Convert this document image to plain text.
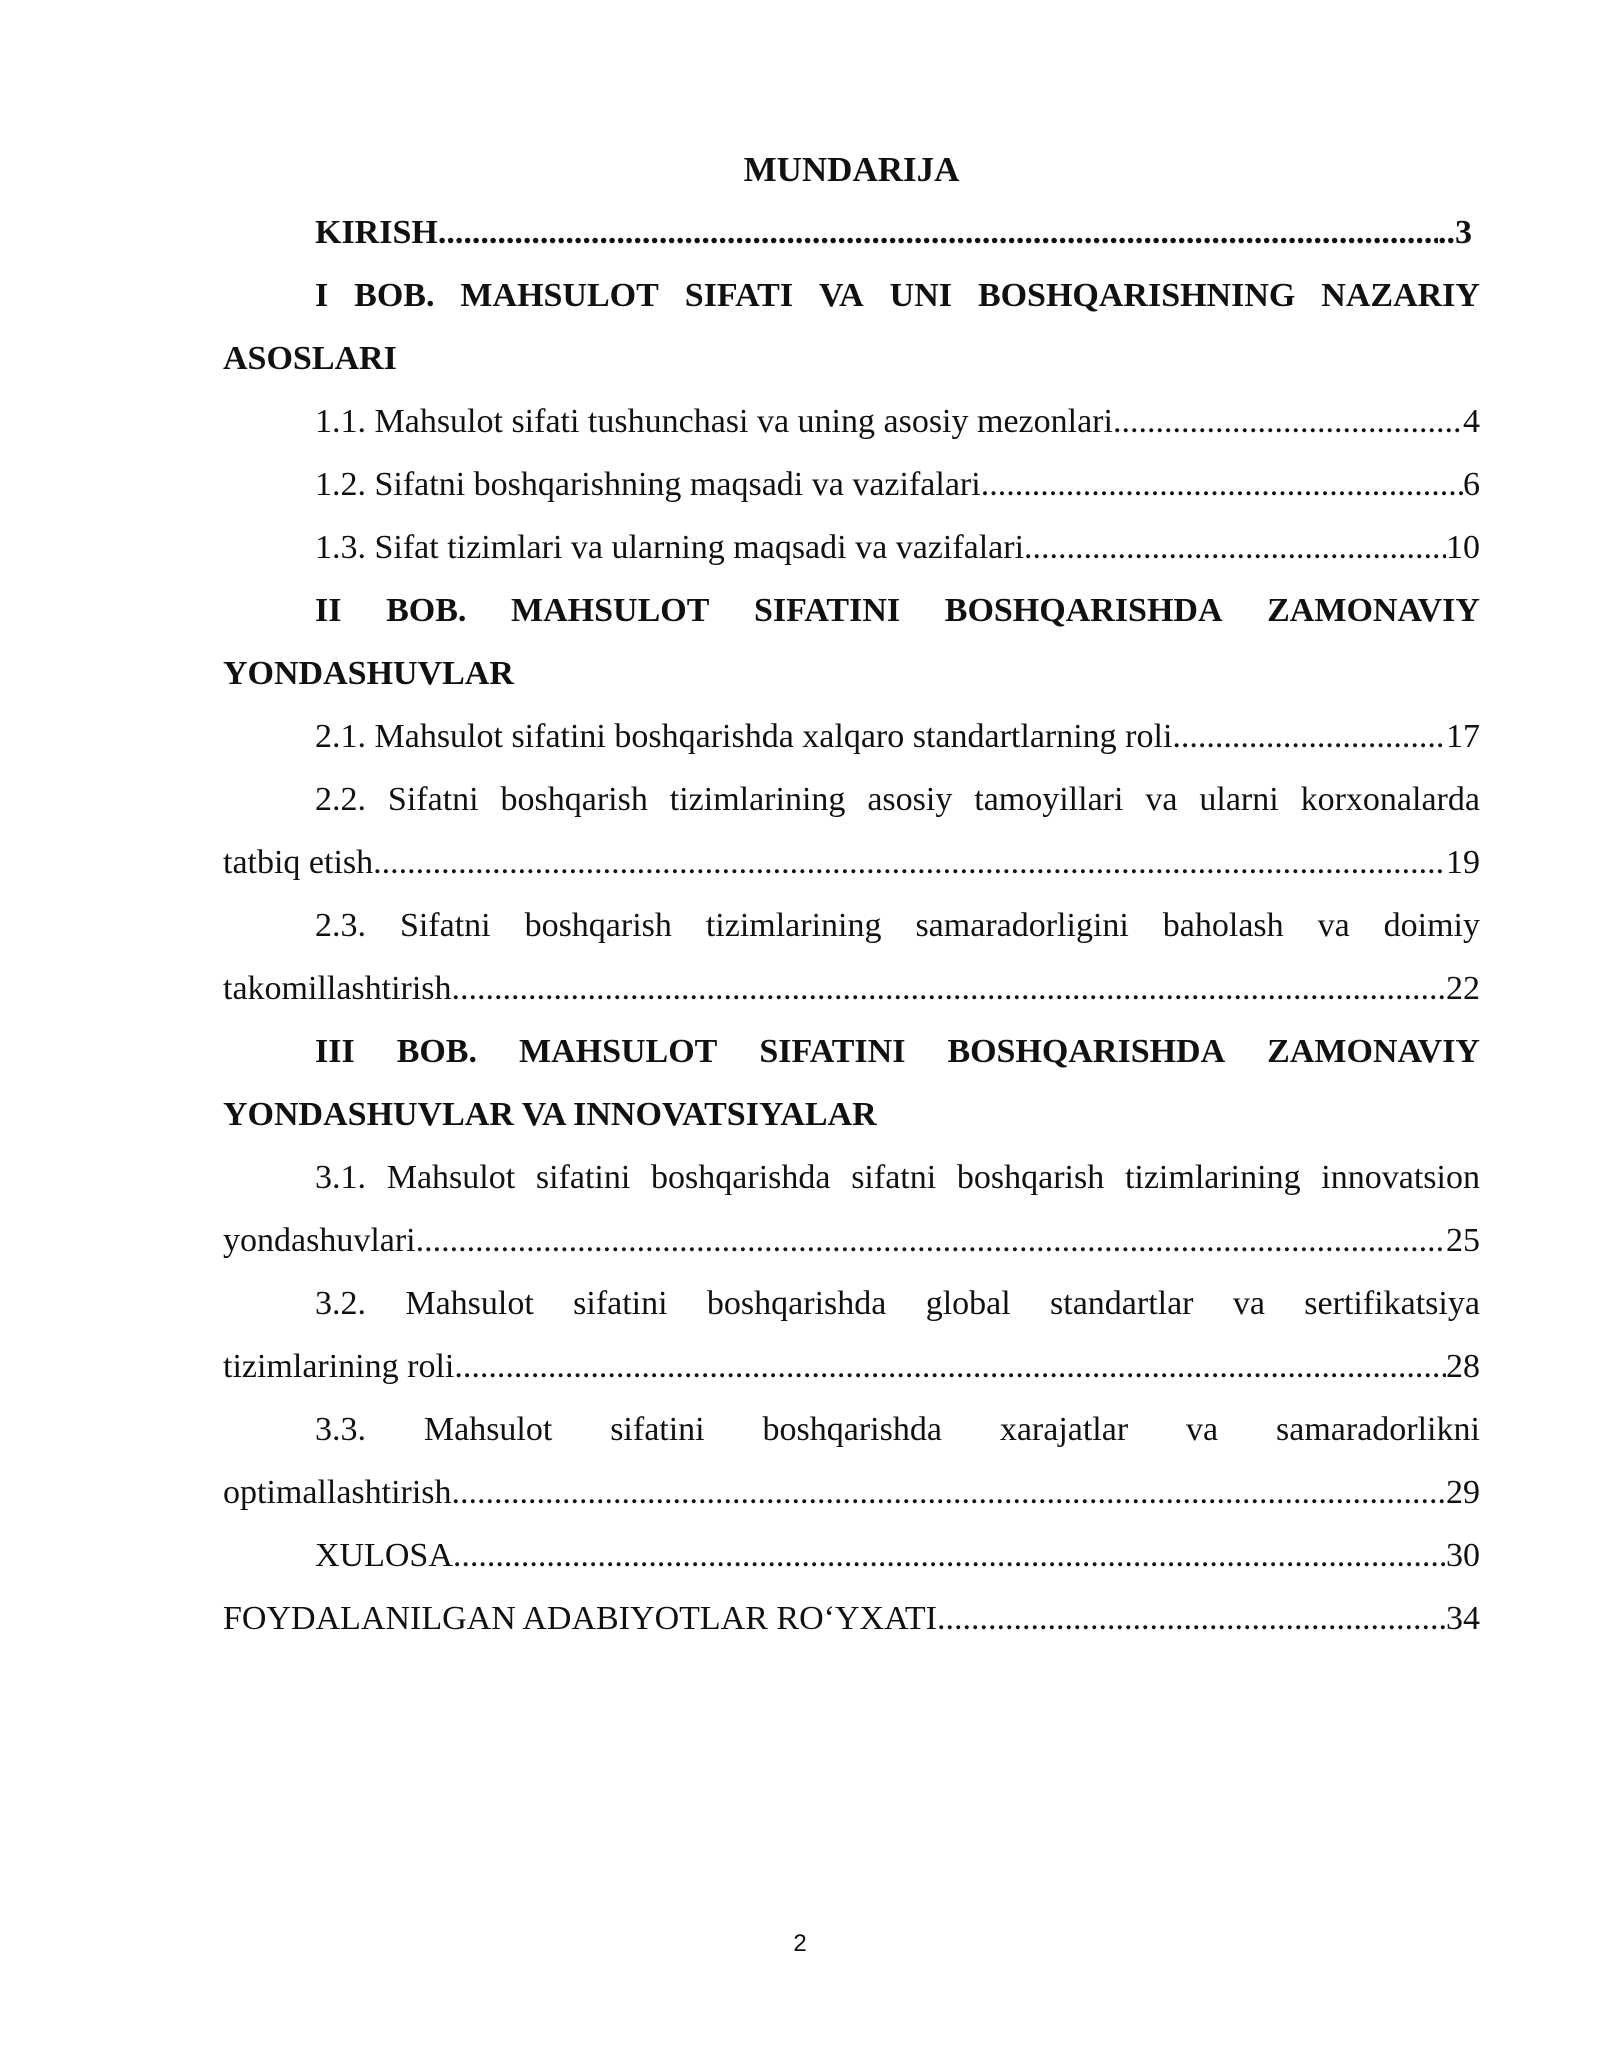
MUNDARIJA
KIRISH .....	..3
I BOB. MAHSULOT SIFATI VA UNI BOSHQARISHNING NAZARIY
ASOSLARI
1.1. Mahsulot sifati tushunchasi va uning asosiy mezonlari .....	4
1.2. Sifatni boshqarishning maqsadi va vazifalari .....	6
1.3. Sifat tizimlari va ularning maqsadi va vazifalari .....	10
II BOB. MAHSULOT SIFATINI BOSHQARISHDA ZAMONAVIY
YONDASHUVLAR
2.1. Mahsulot sifatini boshqarishda xalqaro standartlarning roli .....	17
2.2. Sifatni boshqarish tizimlarining asosiy tamoyillari va ularni korxonalarda
tatbiq etish .....	19
2.3. Sifatni boshqarish tizimlarining samaradorligini baholash va doimiy
takomillashtirish .....	22
III BOB. MAHSULOT SIFATINI BOSHQARISHDA ZAMONAVIY
YONDASHUVLAR VA INNOVATSIYALAR
3.1. Mahsulot sifatini boshqarishda sifatni boshqarish tizimlarining innovatsion
yondashuvlari .....	25
3.2. Mahsulot sifatini boshqarishda global standartlar va sertifikatsiya
tizimlarining roli .....	28
3.3. Mahsulot sifatini boshqarishda xarajatlar va samaradorlikni
optimallashtirish .....	29
XULOSA .....	30
FOYDALANILGAN ADABIYOTLAR RO‘YXATI .....	34
2
